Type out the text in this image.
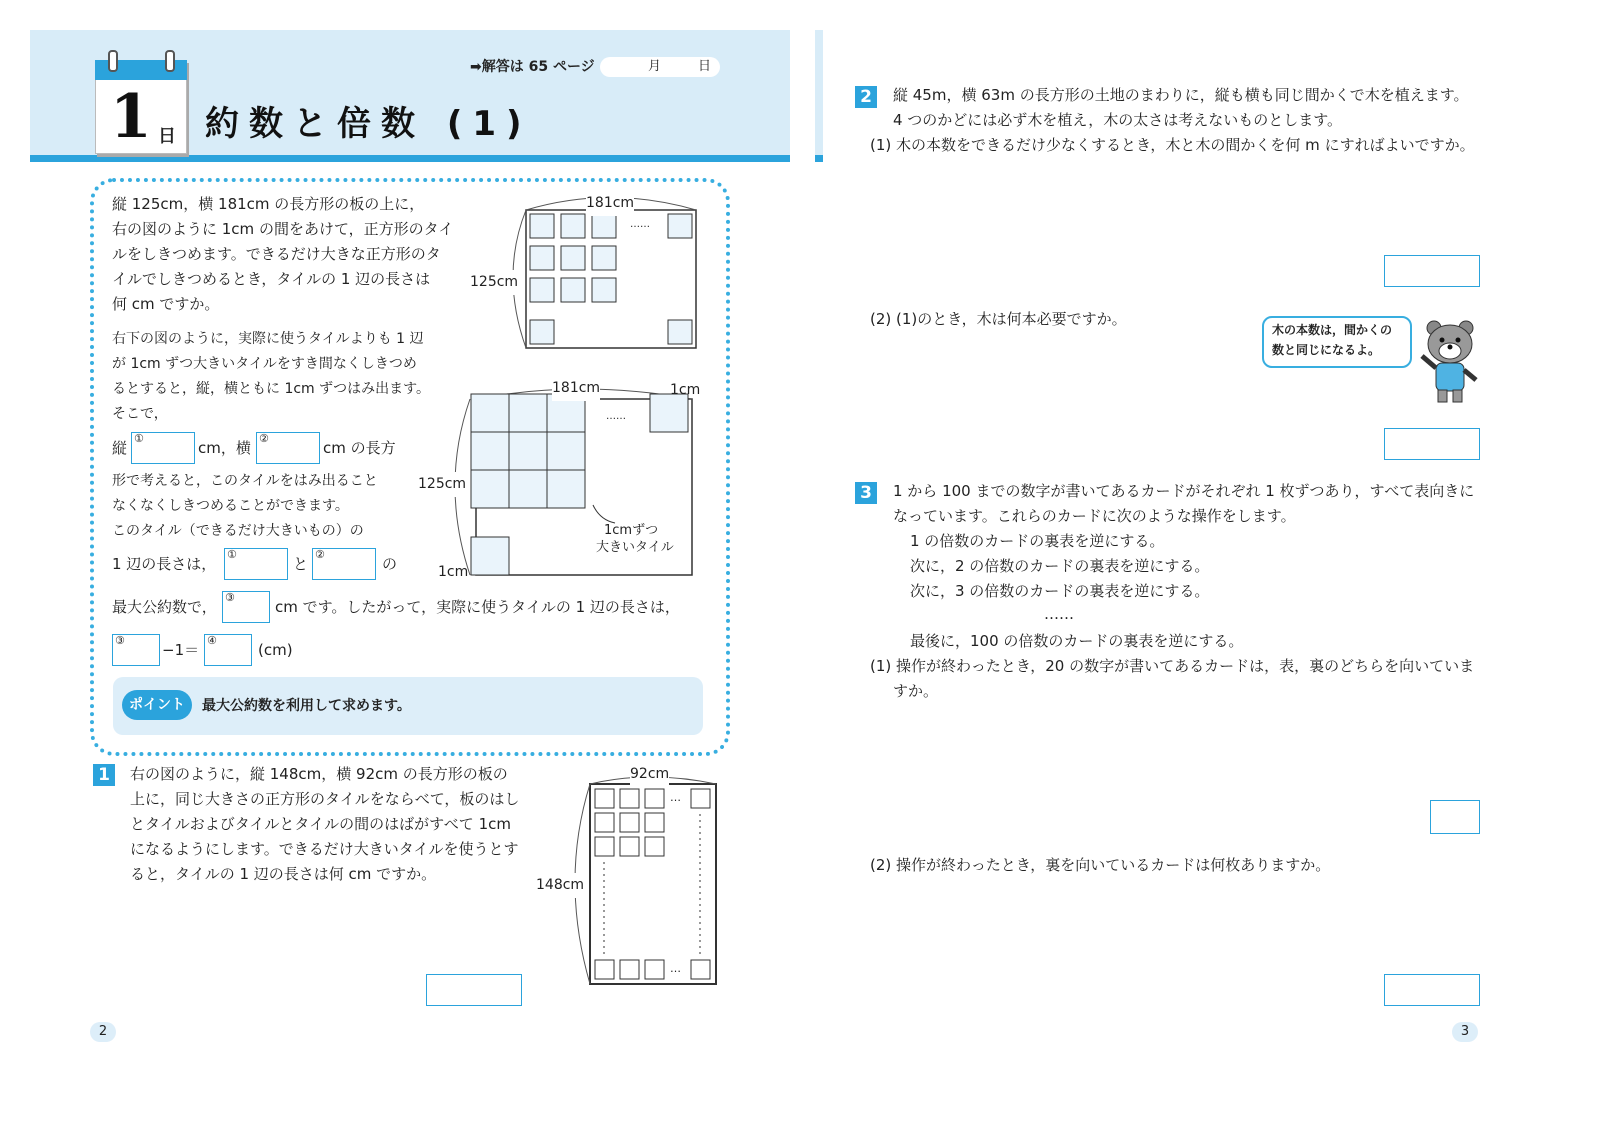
1 日 約数と倍数 (1)
➡解答は 65 ページ	月	日
縦 125cm，横 181cm の長方形の板の上に，
右の図のように 1cm の間をあけて，正方形のタイ
ルをしきつめます。できるだけ大きな正方形のタ
イルでしきつめるとき，タイルの 1 辺の長さは
何 cm ですか。
右下の図のように，実際に使うタイルよりも 1 辺
が 1cm ずつ大きいタイルをすき間なくしきつめ
るとすると，縦，横ともに 1cm ずつはみ出ます。
そこで，
縦
①
cm，横
②
cm の長方
形で考えると，このタイルをはみ出ること
なくなくしきつめることができます。
このタイル（できるだけ大きいもの）の
1 辺の長さは，
①
と
②
の
最大公約数で，
③
cm です。したがって，実際に使うタイルの 1 辺の長さは，
③
−1＝
④
(cm)
ポイント	最大公約数を利用して求めます。
181cm
125cm
……
181cm	1cm
125cm
1cm
1cmずつ
大きいタイル
……
1	右の図のように，縦 148cm，横 92cm の長方形の板の
上に，同じ大きさの正方形のタイルをならべて，板のはし
とタイルおよびタイルとタイルの間のはばがすべて 1cm
になるようにします。できるだけ大きいタイルを使うとす
ると，タイルの 1 辺の長さは何 cm ですか。
92cm
148cm
…
…
2	縦 45m，横 63m の長方形の土地のまわりに，縦も横も同じ間かくで木を植えます。
4 つのかどには必ず木を植え，木の太さは考えないものとします。
(1) 木の本数をできるだけ少なくするとき，木と木の間かくを何 m にすればよいですか。
(2) (1)のとき，木は何本必要ですか。
木の本数は，間かくの
数と同じになるよ。
3	1 から 100 までの数字が書いてあるカードがそれぞれ 1 枚ずつあり，すべて表向きに
なっています。これらのカードに次のような操作をします。
1 の倍数のカードの裏表を逆にする。
次に，2 の倍数のカードの裏表を逆にする。
次に，3 の倍数のカードの裏表を逆にする。
……
最後に，100 の倍数のカードの裏表を逆にする。
(1) 操作が終わったとき，20 の数字が書いてあるカードは，表，裏のどちらを向いていま
すか。
(2) 操作が終わったとき，裏を向いているカードは何枚ありますか。
2	3
